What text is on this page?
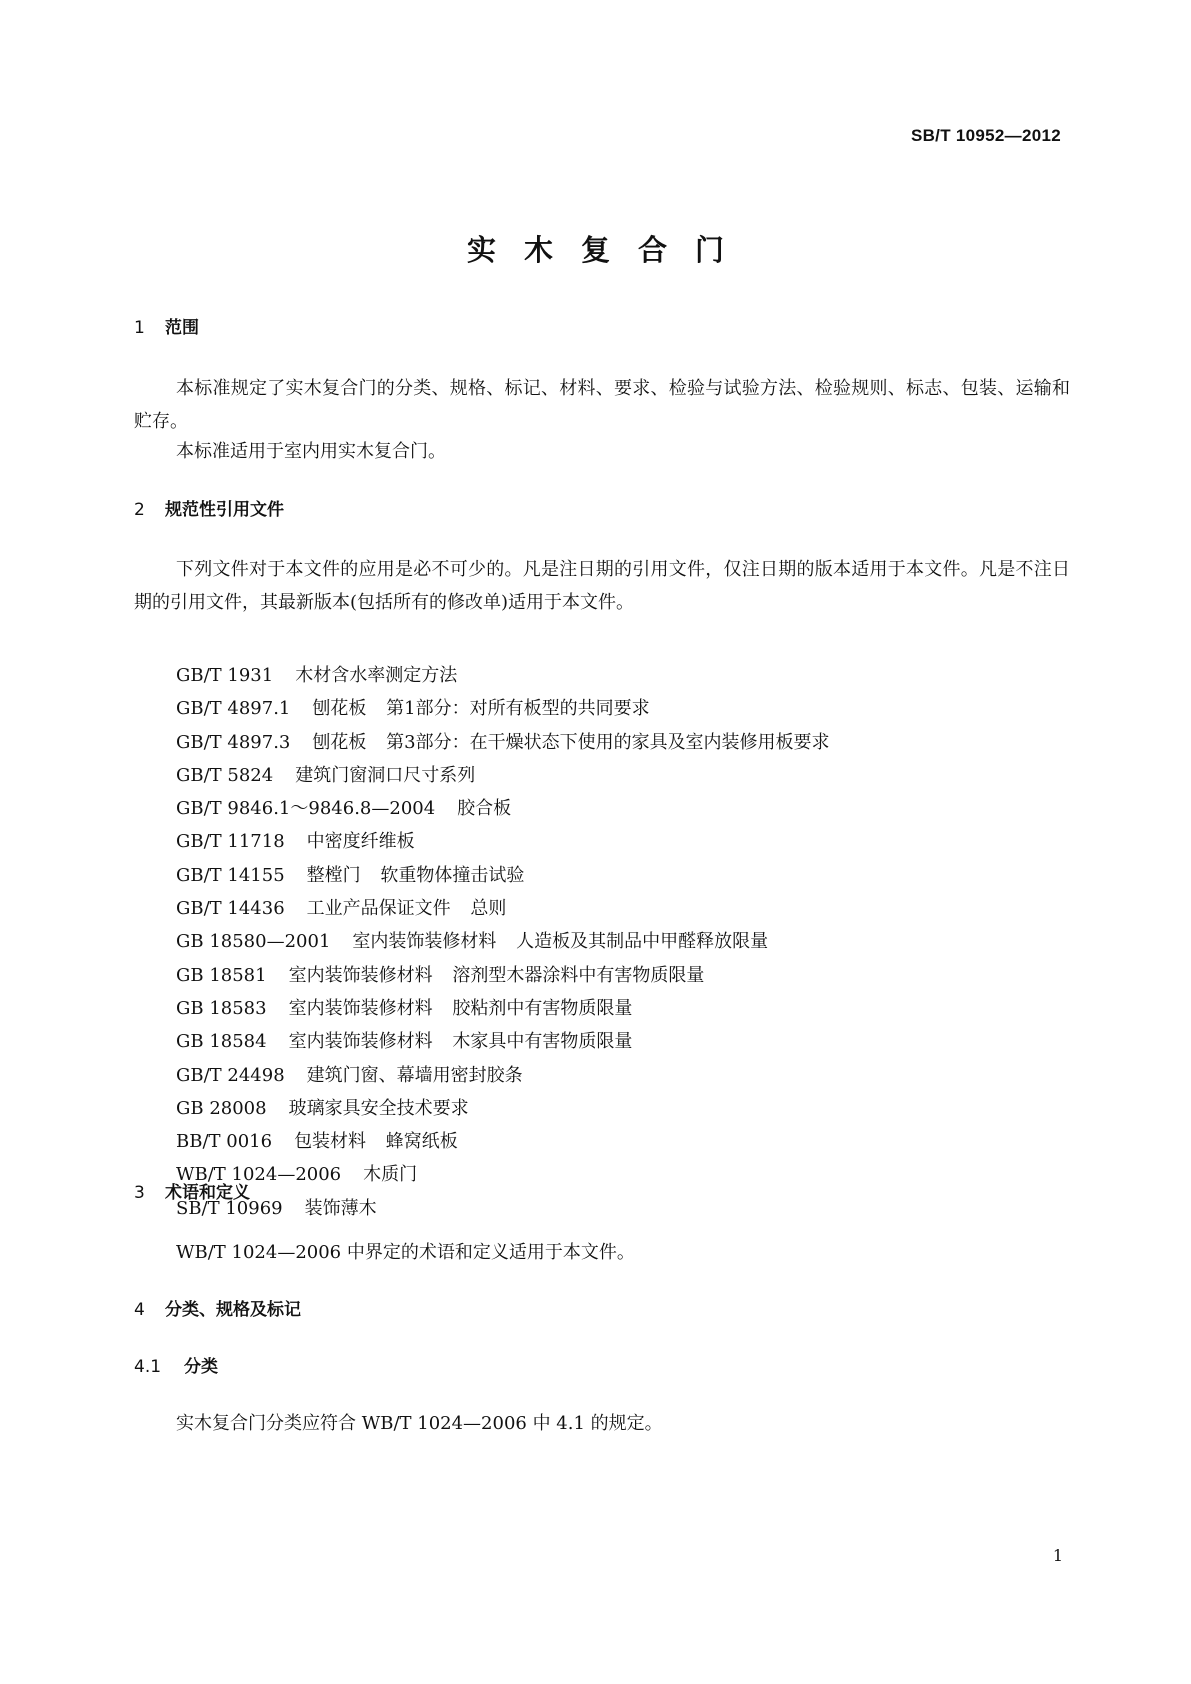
SB/T 10952—2012
实木复合门
1 范围
本标准规定了实木复合门的分类、规格、标记、材料、要求、检验与试验方法、检验规则、标志、包装、运输和贮存。
本标准适用于室内用实木复合门。
2 规范性引用文件
下列文件对于本文件的应用是必不可少的。凡是注日期的引用文件，仅注日期的版本适用于本文件。凡是不注日期的引用文件，其最新版本(包括所有的修改单)适用于本文件。
GB/T 1931 木材含水率测定方法
GB/T 4897.1 刨花板 第1部分：对所有板型的共同要求
GB/T 4897.3 刨花板 第3部分：在干燥状态下使用的家具及室内装修用板要求
GB/T 5824 建筑门窗洞口尺寸系列
GB/T 9846.1～9846.8—2004 胶合板
GB/T 11718 中密度纤维板
GB/T 14155 整樘门 软重物体撞击试验
GB/T 14436 工业产品保证文件 总则
GB 18580—2001 室内装饰装修材料 人造板及其制品中甲醛释放限量
GB 18581 室内装饰装修材料 溶剂型木器涂料中有害物质限量
GB 18583 室内装饰装修材料 胶粘剂中有害物质限量
GB 18584 室内装饰装修材料 木家具中有害物质限量
GB/T 24498 建筑门窗、幕墙用密封胶条
GB 28008 玻璃家具安全技术要求
BB/T 0016 包装材料 蜂窝纸板
WB/T 1024—2006 木质门
SB/T 10969 装饰薄木
3 术语和定义
WB/T 1024—2006 中界定的术语和定义适用于本文件。
4 分类、规格及标记
4.1 分类
实木复合门分类应符合 WB/T 1024—2006 中 4.1 的规定。
1
